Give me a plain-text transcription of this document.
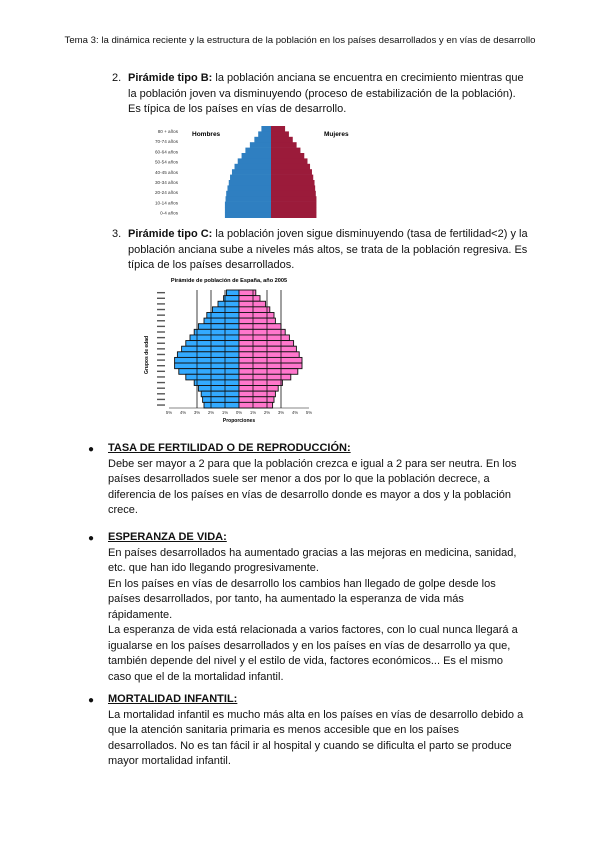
Tema 3: la dinámica reciente y la estructura de la población en los países desarrollados y en vías de desarrollo
2. Pirámide tipo B: la población anciana se encuentra en crecimiento mientras que la población joven va disminuyendo (proceso de estabilización de la población). Es típica de los países en vías de desarrollo.
80 + años
70-74 años
60-64 años
50-54 años
40-45 años
30-34 años
20-24 años
10-14 años
0-4 años
Hombres	Mujeres
3. Pirámide tipo C: la población joven sigue disminuyendo (tasa de fertilidad<2) y la población anciana sube a niveles más altos, se trata de la población regresiva. Es típica de los países desarrollados.
Pirámide de población de España, año 2005
Grupos de edad
5% 4% 3% 2% 1% 0% 1% 2% 3% 4% 5%
Proporciones
● TASA DE FERTILIDAD O DE REPRODUCCIÓN:

Debe ser mayor a 2 para que la población crezca e igual a 2 para ser neutra. En los países desarrollados suele ser menor a dos por lo que la población decrece, a diferencia de los países en vías de desarrollo donde es mayor a dos y la población crece.

● ESPERANZA DE VIDA:

En países desarrollados ha aumentado gracias a las mejoras en medicina, sanidad, etc. que han ido llegando progresivamente.

En los países en vías de desarrollo los cambios han llegado de golpe desde los países desarrollados, por tanto, ha aumentado la esperanza de vida más rápidamente.

La esperanza de vida está relacionada a varios factores, con lo cual nunca llegará a igualarse en los países desarrollados y en los países en vías de desarrollo ya que, también depende del nivel y el estilo de vida, factores económicos... Es el mismo caso que el de la mortalidad infantil.

● MORTALIDAD INFANTIL:

La mortalidad infantil es mucho más alta en los países en vías de desarrollo debido a que la atención sanitaria primaria es menos accesible que en los países desarrollados. No es tan fácil ir al hospital y cuando se dificulta el parto se produce mayor mortalidad infantil.
